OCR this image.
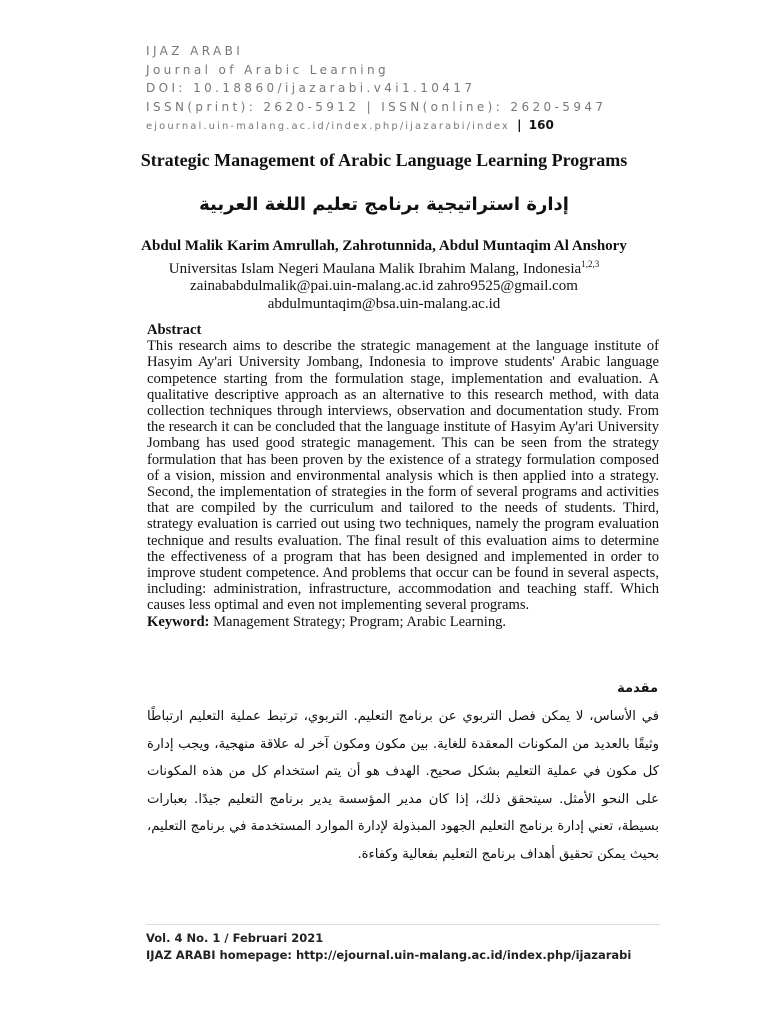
IJAZ ARABI
Journal of Arabic Learning
DOI: 10.18860/ijazarabi.v4i1.10417
ISSN(print): 2620-5912 | ISSN(online): 2620-5947
ejournal.uin-malang.ac.id/index.php/ijazarabi/index | 160
Strategic Management of Arabic Language Learning Programs
إدارة استراتيجية برنامج تعليم اللغة العربية
Abdul Malik Karim Amrullah, Zahrotunnida, Abdul Muntaqim Al Anshory
Universitas Islam Negeri Maulana Malik Ibrahim Malang, Indonesia$^{1,2,3}$
zainababdulmalik@pai.uin-malang.ac.id zahro9525@gmail.com
abdulmuntaqim@bsa.uin-malang.ac.id
Abstract
This research aims to describe the strategic management at the language institute of Hasyim Ay'ari University Jombang, Indonesia to improve students' Arabic language competence starting from the formulation stage, implementation and evaluation. A qualitative descriptive approach as an alternative to this research method, with data collection techniques through interviews, observation and documentation study. From the research it can be concluded that the language institute of Hasyim Ay'ari University Jombang has used good strategic management. This can be seen from the strategy formulation that has been proven by the existence of a strategy formulation composed of a vision, mission and environmental analysis which is then applied into a strategy. Second, the implementation of strategies in the form of several programs and activities that are compiled by the curriculum and tailored to the needs of students. Third, strategy evaluation is carried out using two techniques, namely the program evaluation technique and results evaluation. The final result of this evaluation aims to determine the effectiveness of a program that has been designed and implemented in order to improve student competence. And problems that occur can be found in several aspects, including: administration, infrastructure, accommodation and teaching staff. Which causes less optimal and even not implementing several programs.
Keyword: Management Strategy; Program; Arabic Learning.
مقدمة
في الأساس، لا يمكن فصل التربوي عن برنامج التعليم. التربوي، ترتبط عملية التعليم ارتباطًا وثيقًا بالعديد من المكونات المعقدة للغاية. بين مكون ومكون آخر له علاقة منهجية، ويجب إدارة كل مكون في عملية التعليم بشكل صحيح. الهدف هو أن يتم استخدام كل من هذه المكونات على النحو الأمثل. سيتحقق ذلك، إذا كان مدير المؤسسة يدير برنامج التعليم جيدًا. بعبارات بسيطة، تعني إدارة برنامج التعليم الجهود المبذولة لإدارة الموارد المستخدمة في برنامج التعليم، بحيث يمكن تحقيق أهداف برنامج التعليم بفعالية وكفاءة.
Vol. 4 No. 1 / Februari 2021
IJAZ ARABI homepage: http://ejournal.uin-malang.ac.id/index.php/ijazarabi
